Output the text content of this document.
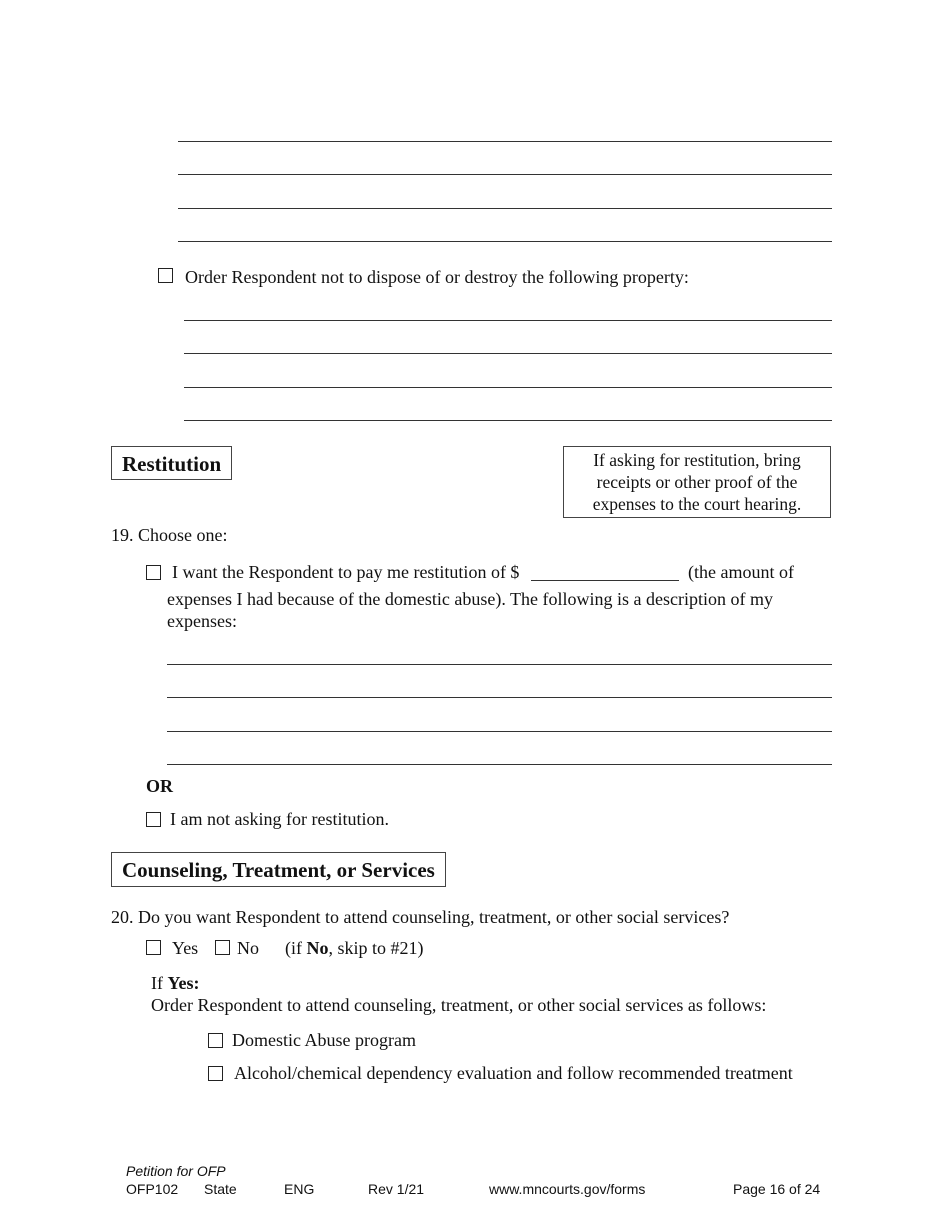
Order Respondent not to dispose of or destroy the following property:
Restitution	If asking for restitution, bring receipts or other proof of the expenses to the court hearing.
19. Choose one:
I want the Respondent to pay me restitution of $	(the amount of
expenses I had because of the domestic abuse). The following is a description of my
expenses:
OR
I am not asking for restitution.
Counseling, Treatment, or Services
20. Do you want Respondent to attend counseling, treatment, or other social services?
Yes No (if No, skip to #21)
If Yes:
Order Respondent to attend counseling, treatment, or other social services as follows:
Domestic Abuse program
Alcohol/chemical dependency evaluation and follow recommended treatment
Petition for OFP
OFP102 State	ENG	Rev 1/21	www.mncourts.gov/forms	Page 16 of 24
